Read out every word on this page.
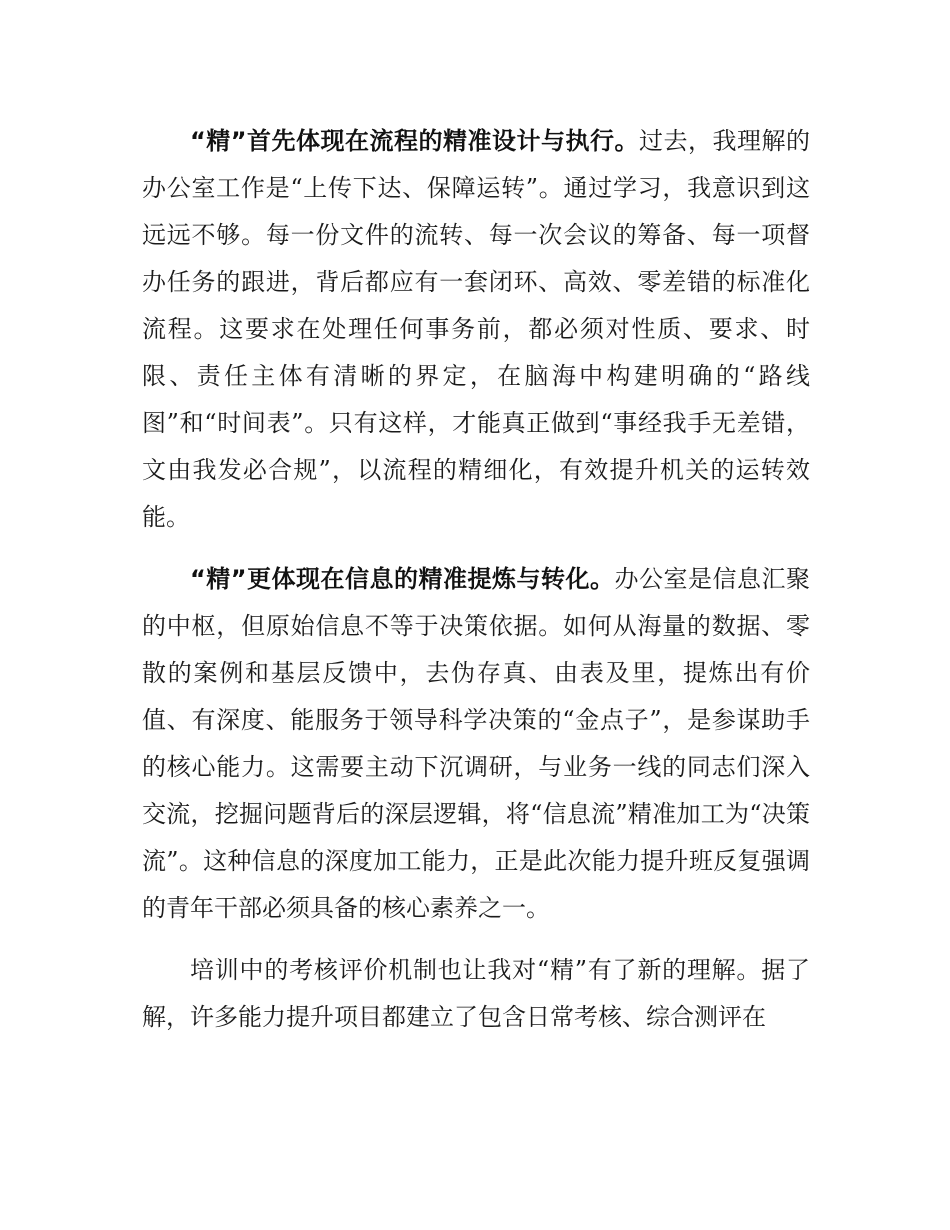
“精”首先体现在流程的精准设计与执行。过去，我理解的办公室工作是“上传下达、保障运转”。通过学习，我意识到这远远不够。每一份文件的流转、每一次会议的筹备、每一项督办任务的跟进，背后都应有一套闭环、高效、零差错的标准化流程。这要求在处理任何事务前，都必须对性质、要求、时限、责任主体有清晰的界定，在脑海中构建明确的“路线图”和“时间表”。只有这样，才能真正做到“事经我手无差错，文由我发必合规”，以流程的精细化，有效提升机关的运转效能。

“精”更体现在信息的精准提炼与转化。办公室是信息汇聚的中枢，但原始信息不等于决策依据。如何从海量的数据、零散的案例和基层反馈中，去伪存真、由表及里，提炼出有价值、有深度、能服务于领导科学决策的“金点子”，是参谋助手的核心能力。这需要主动下沉调研，与业务一线的同志们深入交流，挖掘问题背后的深层逻辑，将“信息流”精准加工为“决策流”。这种信息的深度加工能力，正是此次能力提升班反复强调的青年干部必须具备的核心素养之一。

培训中的考核评价机制也让我对“精”有了新的理解。据了解，许多能力提升项目都建立了包含日常考核、综合测评在
